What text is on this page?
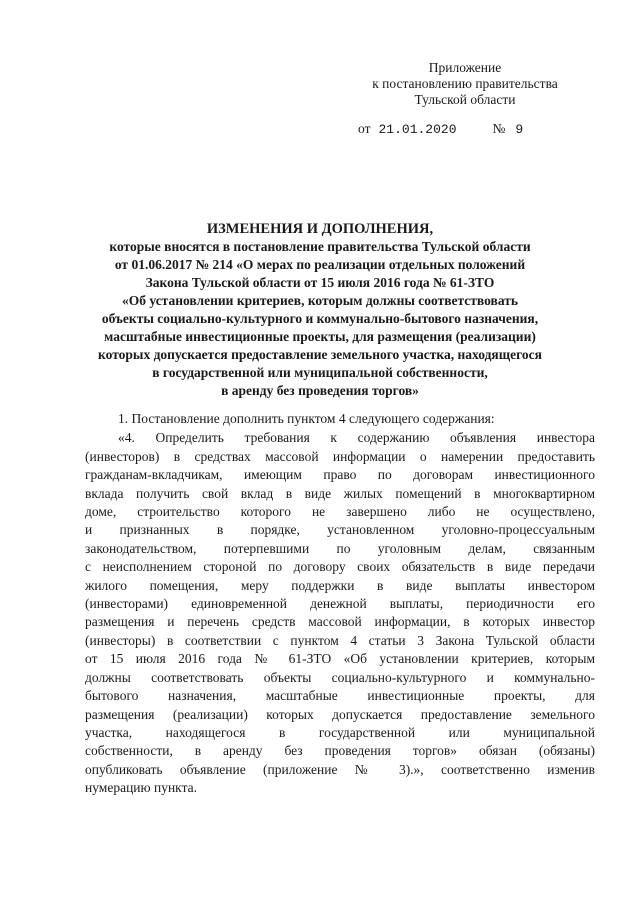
Приложение
к постановлению правительства
Тульской области
от 21.01.2020	№ 9
ИЗМЕНЕНИЯ И ДОПОЛНЕНИЯ,
которые вносятся в постановление правительства Тульской области
от 01.06.2017 № 214 «О мерах по реализации отдельных положений
Закона Тульской области от 15 июля 2016 года № 61-ЗТО
«Об установлении критериев, которым должны соответствовать
объекты социально-культурного и коммунально-бытового назначения,
масштабные инвестиционные проекты, для размещения (реализации)
которых допускается предоставление земельного участка, находящегося
в государственной или муниципальной собственности,
в аренду без проведения торгов»
1. Постановление дополнить пунктом 4 следующего содержания:
«4. Определить требования к содержанию объявления инвестора
(инвесторов) в средствах массовой информации о намерении предоставить
гражданам-вкладчикам, имеющим право по договорам инвестиционного
вклада получить свой вклад в виде жилых помещений в многоквартирном
доме, строительство которого не завершено либо не осуществлено,
и признанных в порядке, установленном уголовно-процессуальным
законодательством, потерпевшими по уголовным делам, связанным
с неисполнением стороной по договору своих обязательств в виде передачи
жилого помещения, меру поддержки в виде выплаты инвестором
(инвесторами) единовременной денежной выплаты, периодичности его
размещения и перечень средств массовой информации, в которых инвестор
(инвесторы) в соответствии с пунктом 4 статьи 3 Закона Тульской области
от 15 июля 2016 года № 61-ЗТО «Об установлении критериев, которым
должны соответствовать объекты социально-культурного и коммунально-
бытового назначения, масштабные инвестиционные проекты, для
размещения (реализации) которых допускается предоставление земельного
участка, находящегося в государственной или муниципальной
собственности, в аренду без проведения торгов» обязан (обязаны)
опубликовать объявление (приложение № 3).», соответственно изменив
нумерацию пункта.
